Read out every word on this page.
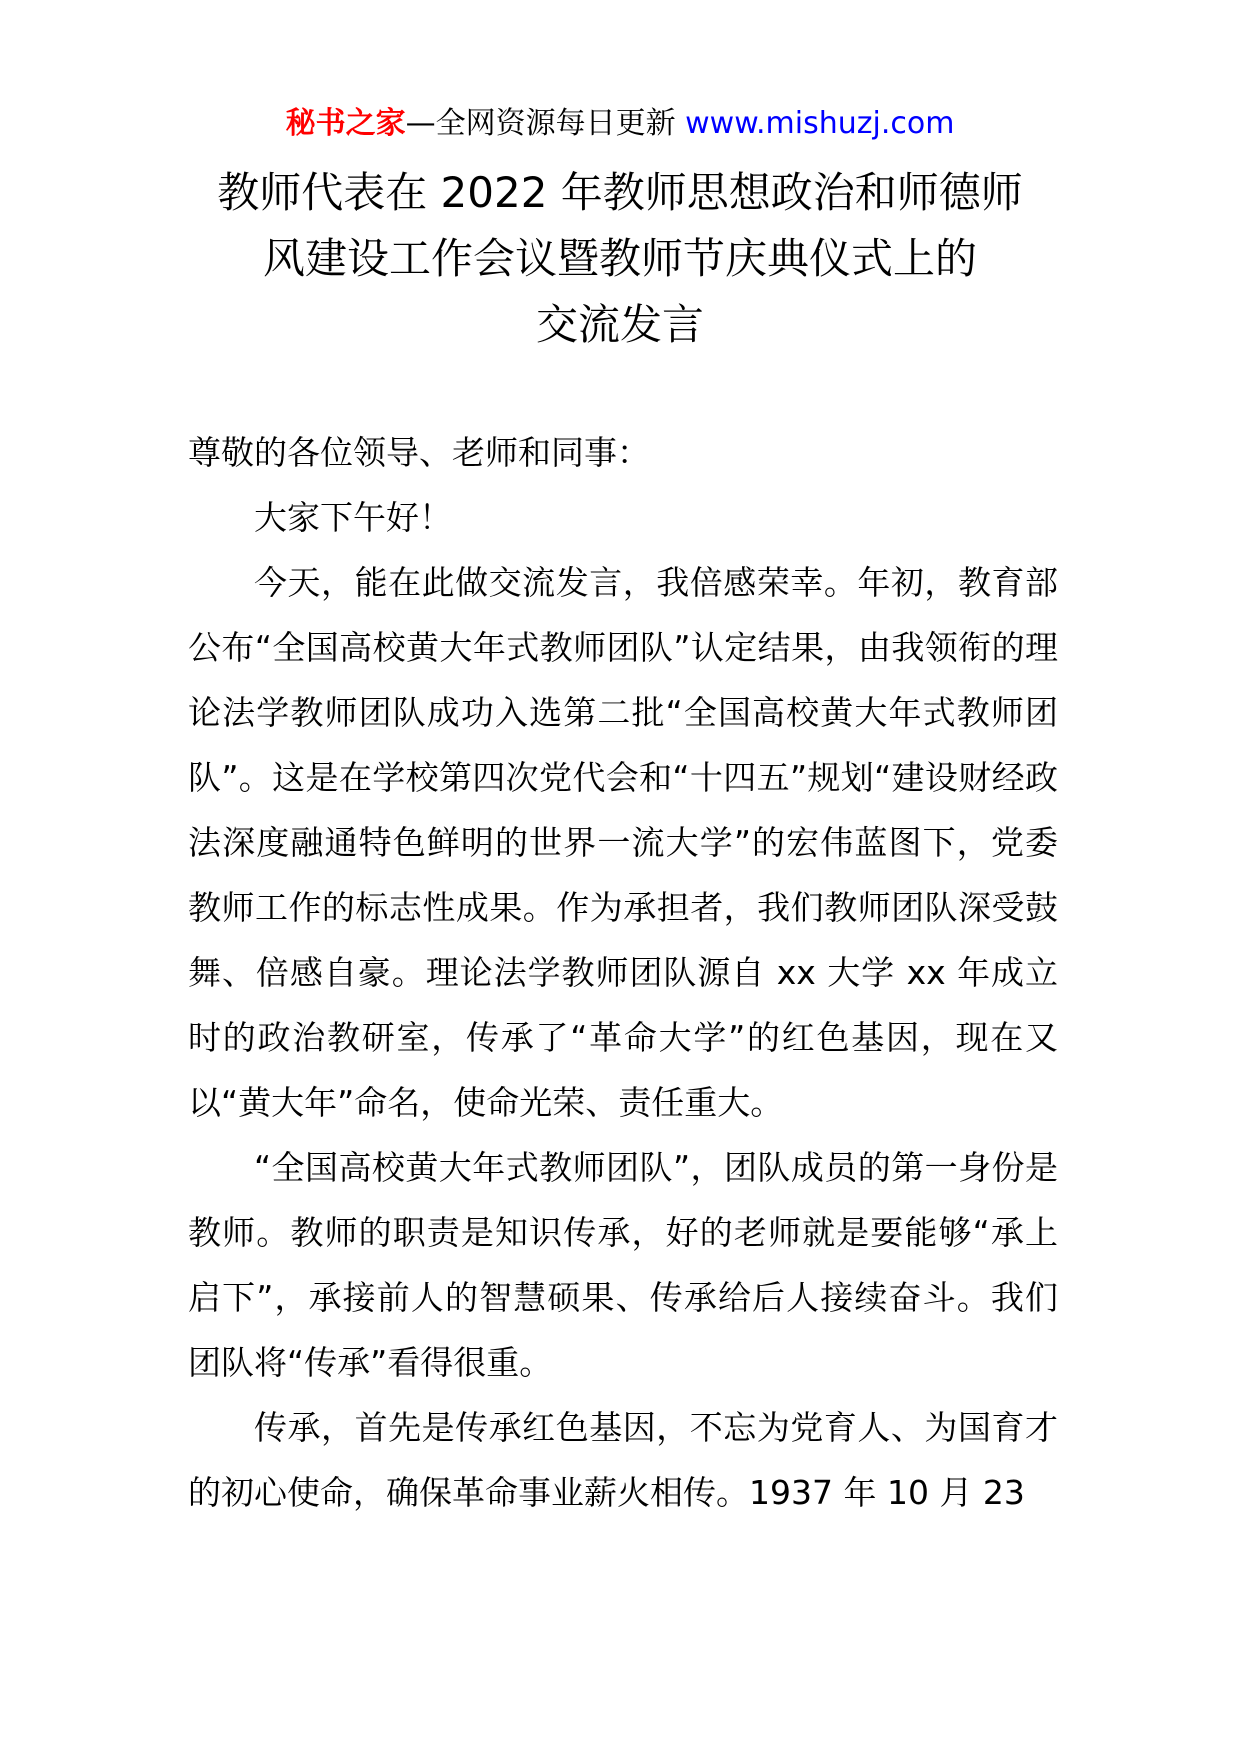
秘书之家—全网资源每日更新 www.mishuzj.com
教师代表在 2022 年教师思想政治和师德师
风建设工作会议暨教师节庆典仪式上的
交流发言

尊敬的各位领导、老师和同事：

大家下午好！

今天，能在此做交流发言，我倍感荣幸。年初，教育部公布“全国高校黄大年式教师团队”认定结果，由我领衔的理论法学教师团队成功入选第二批“全国高校黄大年式教师团队”。这是在学校第四次党代会和“十四五”规划“建设财经政法深度融通特色鲜明的世界一流大学”的宏伟蓝图下，党委教师工作的标志性成果。作为承担者，我们教师团队深受鼓舞、倍感自豪。理论法学教师团队源自 xx 大学 xx 年成立时的政治教研室，传承了“革命大学”的红色基因，现在又以“黄大年”命名，使命光荣、责任重大。

“全国高校黄大年式教师团队”，团队成员的第一身份是教师。教师的职责是知识传承，好的老师就是要能够“承上启下”，承接前人的智慧硕果、传承给后人接续奋斗。我们团队将“传承”看得很重。

传承，首先是传承红色基因，不忘为党育人、为国育才的初心使命，确保革命事业薪火相传。1937 年 10 月 23
